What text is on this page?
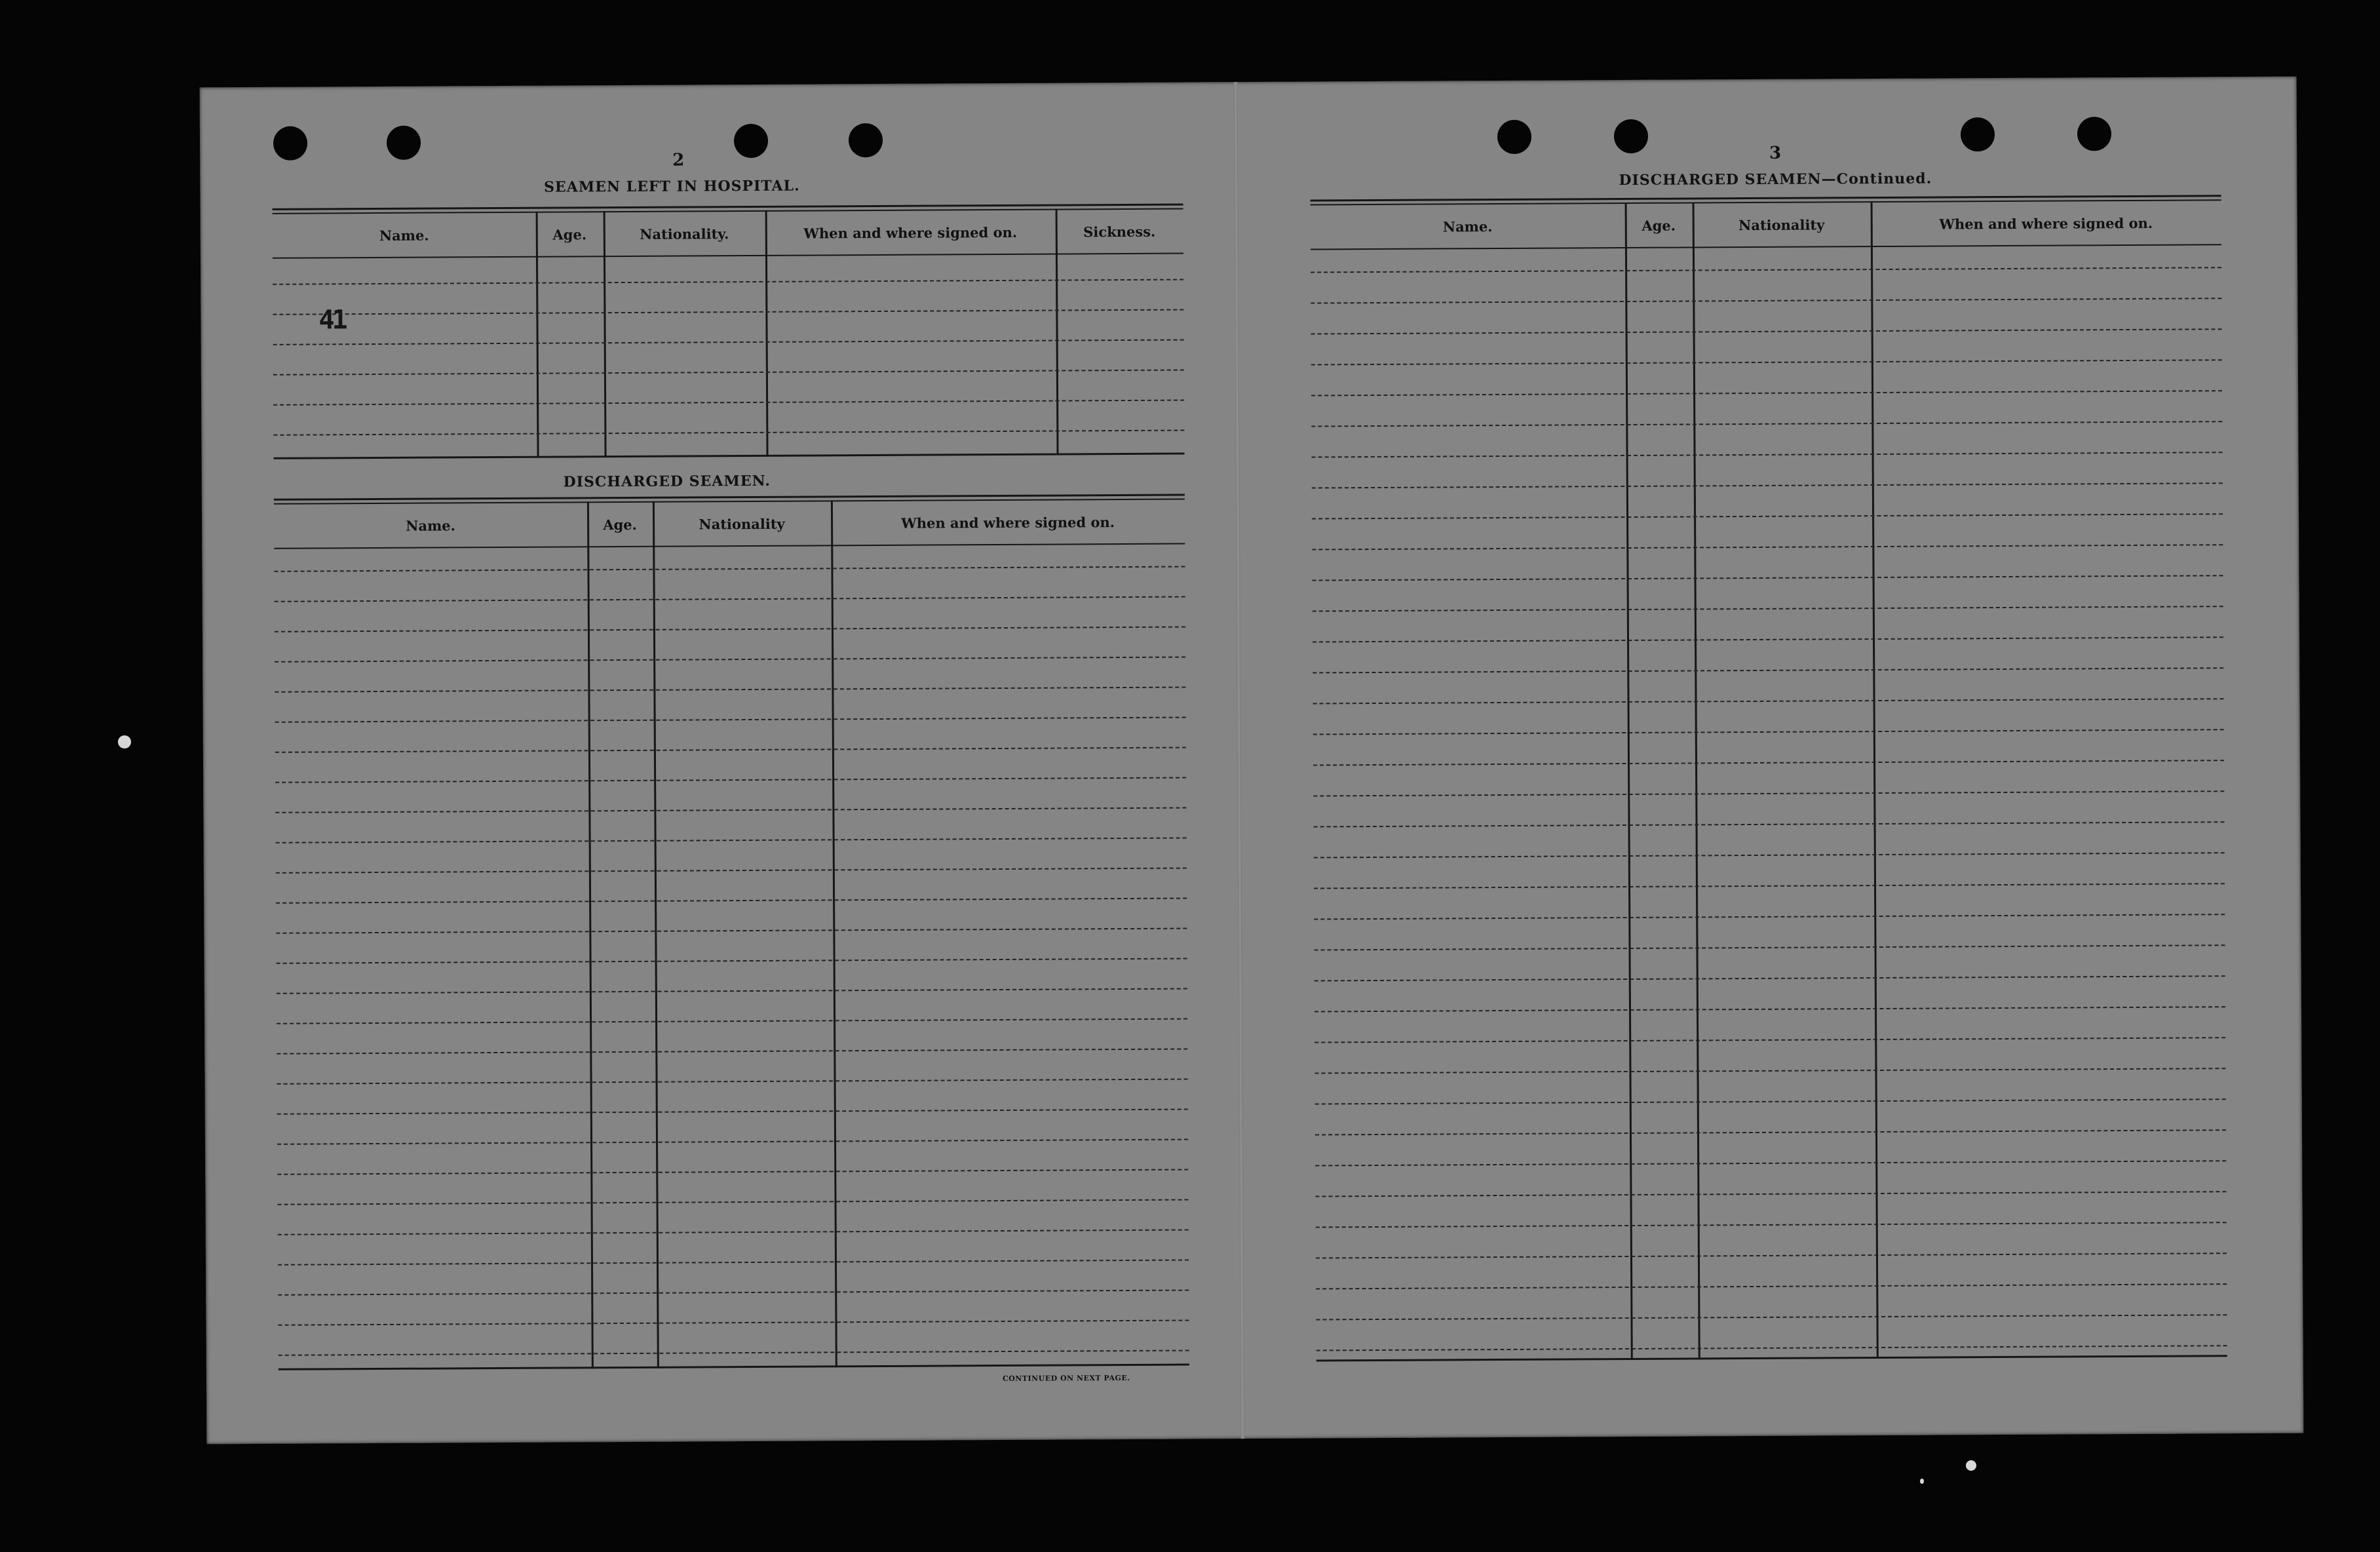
2
SEAMEN LEFT IN HOSPITAL.
Name.	Age.	Nationality.	When and where signed on.	Sickness.
41
DISCHARGED SEAMEN.
Name.	Age.	Nationality	When and where signed on.
CONTINUED ON NEXT PAGE.
3
DISCHARGED SEAMEN—Continued.
Name.	Age.	Nationality	When and where signed on.
